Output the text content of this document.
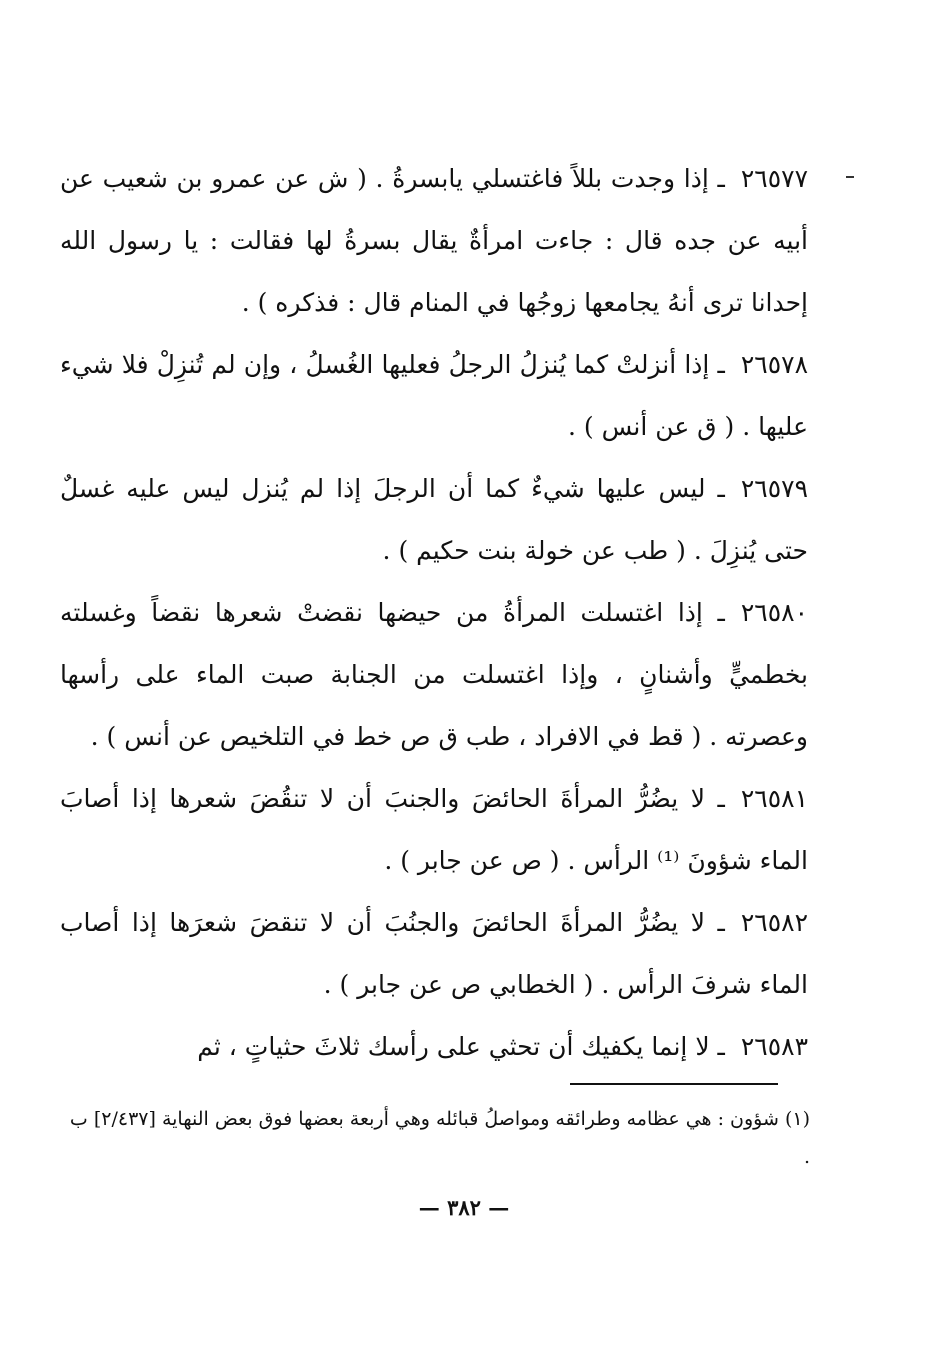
٢٦٥٧٧ـ إذا وجدت بللاً فاغتسلي يابسرةُ . ( ش عن عمرو بن شعيب عن أبيه عن جده قال : جاءت امرأةٌ يقال بسرةُ لها فقالت : يا رسول الله إحدانا ترى أنهُ يجامعها زوجُها في المنام قال : فذكره ) .

٢٦٥٧٨ـ إذا أنزلتْ كما يُنزلُ الرجلُ فعليها الغُسلُ ، وإن لم تُنزِلْ فلا شيء عليها . ( ق عن أنس ) .

٢٦٥٧٩ـ ليس عليها شيءٌ كما أن الرجلَ إذا لم يُنزل ليس عليه غسلٌ حتى يُنزِلَ . ( طب عن خولة بنت حكيم ) .

٢٦٥٨٠ـ إذا اغتسلت المرأةُ من حيضها نقضتْ شعرها نقضاً وغسلته بخطميٍّ وأشنانٍ ، وإذا اغتسلت من الجنابة صبت الماء على رأسها وعصرته . ( قط في الافراد ، طب ق ص خط في التلخيص عن أنس ) .

٢٦٥٨١ـ لا يضُرُّ المرأةَ الحائضَ والجنبَ أن لا تنقُضَ شعرها إذا أصابَ الماء شؤونَ ⁽¹⁾ الرأس . ( ص عن جابر ) .

٢٦٥٨٢ـ لا يضُرُّ المرأةَ الحائضَ والجنُبَ أن لا تنقضَ شعرَها إذا أصاب الماء شرفَ الرأس . ( الخطابي ص عن جابر ) .

٢٦٥٨٣ـ لا إنما يكفيك أن تحثي على رأسك ثلاثَ حثياتٍ ، ثم

(١) شؤون : هي عظامه وطرائقه ومواصلُ قبائله وهي أربعة بعضها فوق بعض النهاية [٢/٤٣٧] ب .
— ٣٨٢ —
